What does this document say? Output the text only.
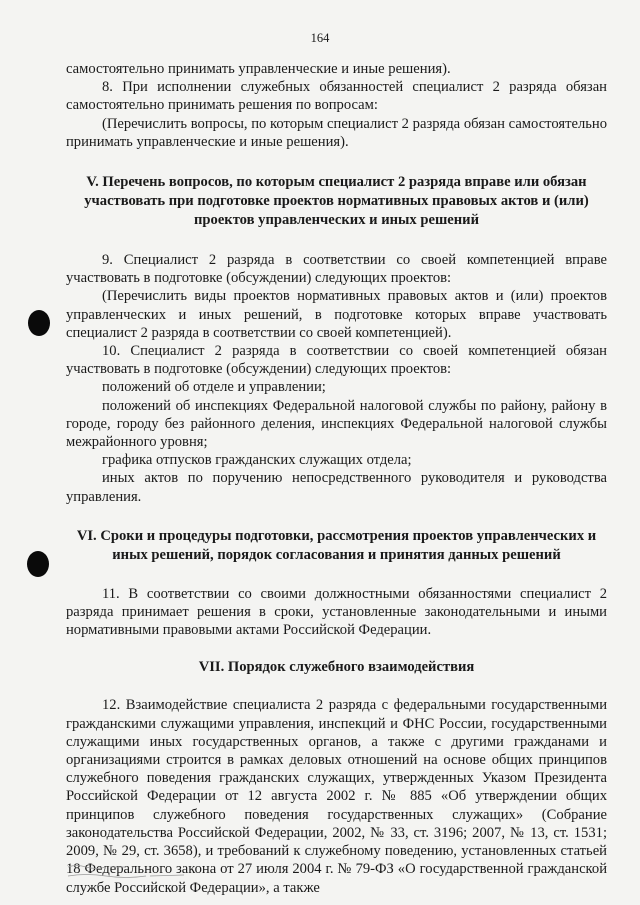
164

самостоятельно принимать управленческие и иные решения).

8. При исполнении служебных обязанностей специалист 2 разряда обязан самостоятельно принимать решения по вопросам:

(Перечислить вопросы, по которым специалист 2 разряда обязан самостоятельно принимать управленческие и иные решения).

V. Перечень вопросов, по которым специалист 2 разряда вправе или обязан участвовать при подготовке проектов нормативных правовых актов и (или) проектов управленческих и иных решений

9. Специалист 2 разряда в соответствии со своей компетенцией вправе участвовать в подготовке (обсуждении) следующих проектов:

(Перечислить виды проектов нормативных правовых актов и (или) проектов управленческих и иных решений, в подготовке которых вправе участвовать специалист 2 разряда в соответствии со своей компетенцией).

10. Специалист 2 разряда в соответствии со своей компетенцией обязан участвовать в подготовке (обсуждении) следующих проектов:

положений об отделе и управлении;

положений об инспекциях Федеральной налоговой службы по району, району в городе, городу без районного деления, инспекциях Федеральной налоговой службы межрайонного уровня;

графика отпусков гражданских служащих отдела;

иных актов по поручению непосредственного руководителя и руководства управления.

VI. Сроки и процедуры подготовки, рассмотрения проектов управленческих и иных решений, порядок согласования и принятия данных решений

11. В соответствии со своими должностными обязанностями специалист 2 разряда принимает решения в сроки, установленные законодательными и иными нормативными правовыми актами Российской Федерации.

VII. Порядок служебного взаимодействия

12. Взаимодействие специалиста 2 разряда с федеральными государственными гражданскими служащими управления, инспекций и ФНС России, государственными служащими иных государственных органов, а также с другими гражданами и организациями строится в рамках деловых отношений на основе общих принципов служебного поведения гражданских служащих, утвержденных Указом Президента Российской Федерации от 12 августа 2002 г. № 885 «Об утверждении общих принципов служебного поведения государственных служащих» (Собрание законодательства Российской Федерации, 2002, № 33, ст. 3196; 2007, № 13, ст. 1531; 2009, № 29, ст. 3658), и требований к служебному поведению, установленных статьей 18 Федерального закона от 27 июля 2004 г. № 79-ФЗ «О государственной гражданской службе Российской Федерации», а также
